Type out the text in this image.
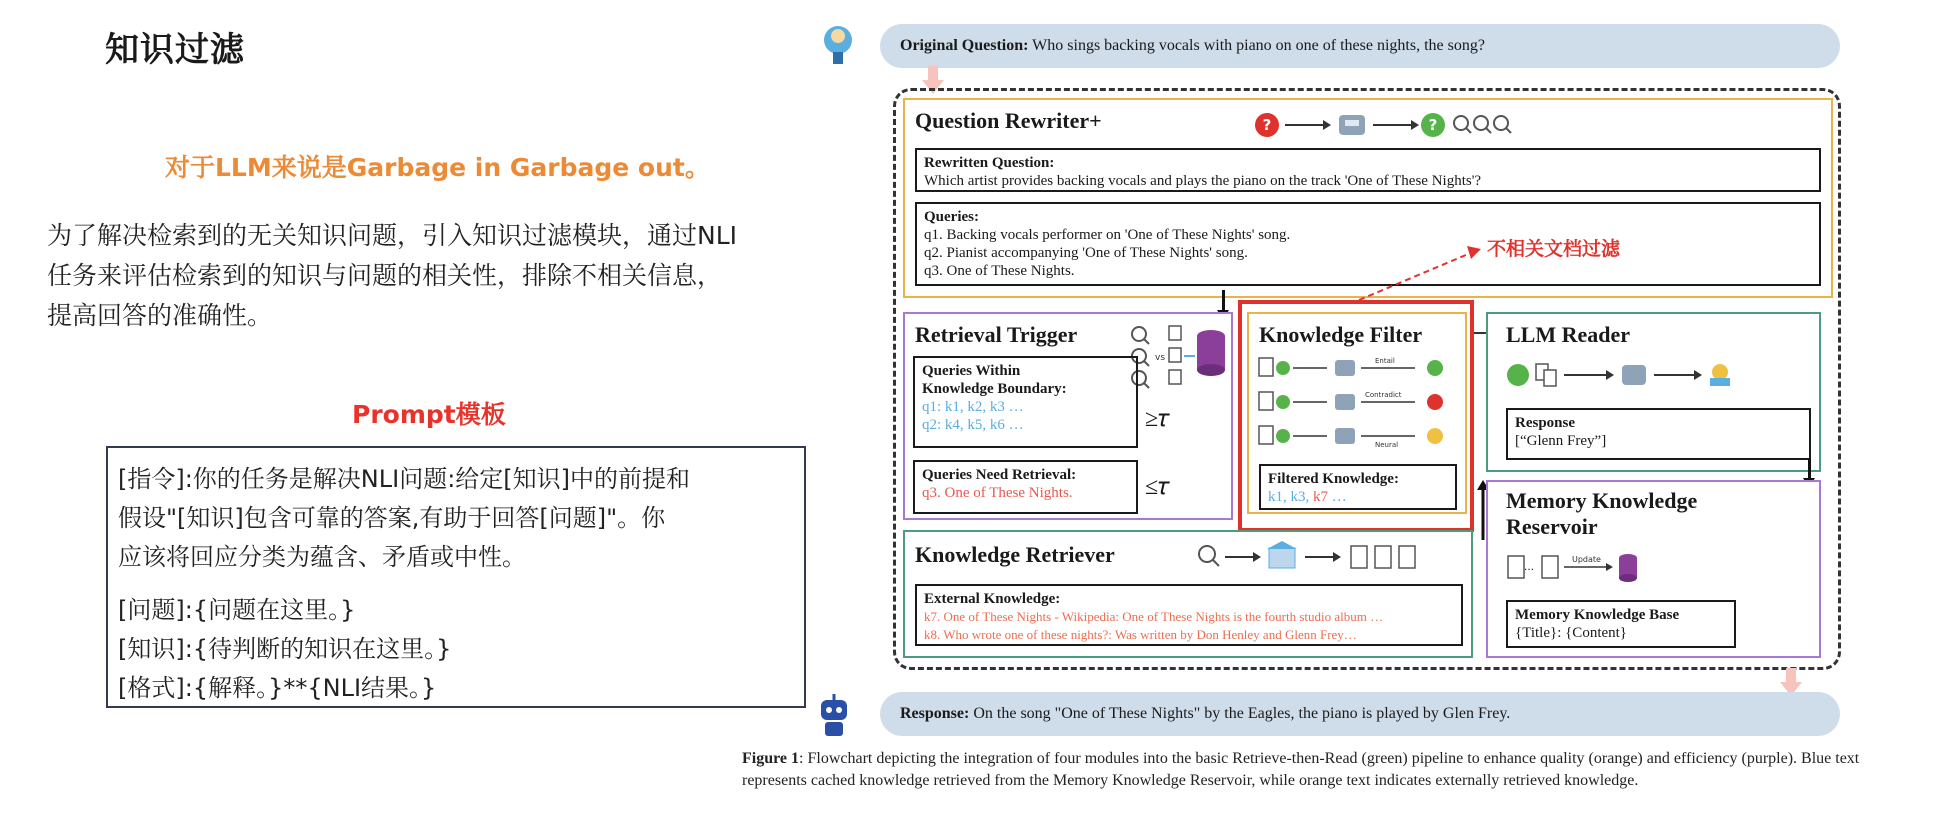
知识过滤
对于LLM来说是Garbage in Garbage out。
为了解决检索到的无关知识问题，引入知识过滤模块，通过NLI
任务来评估检索到的知识与问题的相关性，排除不相关信息，
提高回答的准确性。
Prompt模板
[指令]:你的任务是解决NLI问题:给定[知识]中的前提和
假设"[知识]包含可靠的答案,有助于回答[问题]"。你
应该将回应分类为蕴含、矛盾或中性。
[问题]:{问题在这里。}
[知识]:{待判断的知识在这里。}
[格式]:{解释。}**{NLI结果。}
Original Question: Who sings backing vocals with piano on one of these nights, the song?
Question Rewriter+	?	?
Rewritten Question:
Which artist provides backing vocals and plays the piano on the track 'One of These Nights'?
Queries:
q1. Backing vocals performer on 'One of These Nights' song.
q2. Pianist accompanying 'One of These Nights' song.
q3. One of These Nights.
不相关文档过滤
Retrieval Trigger
vs
Queries Within
Knowledge Boundary:
q1: k1, k2, k3 …
q2: k4, k5, k6 …	≥𝜏
Queries Need Retrieval:
q3. One of These Nights.	≤𝜏
Knowledge Filter
Entail
Contradict
Neural
Filtered Knowledge:
k1, k3, k7 …
LLM Reader
Response
[“Glenn Frey”]
Knowledge Retriever
External Knowledge:
k7. One of These Nights - Wikipedia: One of These Nights is the fourth studio album …
k8. Who wrote one of these nights?: Was written by Don Henley and Glenn Frey…
Memory Knowledge
Reservoir
…
Update
Memory Knowledge Base
{Title}: {Content}
Response: On the song "One of These Nights" by the Eagles, the piano is played by Glen Frey.
Figure 1: Flowchart depicting the integration of four modules into the basic Retrieve-then-Read (green) pipeline to enhance quality (orange) and efficiency (purple). Blue text represents cached knowledge retrieved from the Memory Knowledge Reservoir, while orange text indicates externally retrieved knowledge.
